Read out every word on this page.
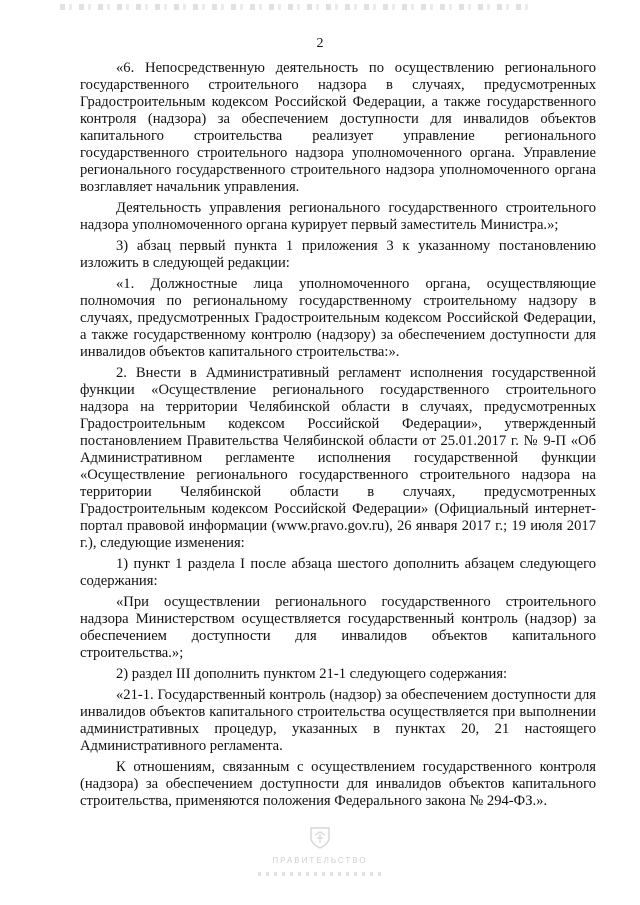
2

«6. Непосредственную деятельность по осуществлению регионального государственного строительного надзора в случаях, предусмотренных Градостроительным кодексом Российской Федерации, а также государственного контроля (надзора) за обеспечением доступности для инвалидов объектов капитального строительства реализует управление регионального государственного строительного надзора уполномоченного органа. Управление регионального государственного строительного надзора уполномоченного органа возглавляет начальник управления.

Деятельность управления регионального государственного строительного надзора уполномоченного органа курирует первый заместитель Министра.»;

3) абзац первый пункта 1 приложения 3 к указанному постановлению изложить в следующей редакции:

«1. Должностные лица уполномоченного органа, осуществляющие полномочия по региональному государственному строительному надзору в случаях, предусмотренных Градостроительным кодексом Российской Федерации, а также государственному контролю (надзору) за обеспечением доступности для инвалидов объектов капитального строительства:».

2. Внести в Административный регламент исполнения государственной функции «Осуществление регионального государственного строительного надзора на территории Челябинской области в случаях, предусмотренных Градостроительным кодексом Российской Федерации», утвержденный постановлением Правительства Челябинской области от 25.01.2017 г. № 9-П «Об Административном регламенте исполнения государственной функции «Осуществление регионального государственного строительного надзора на территории Челябинской области в случаях, предусмотренных Градостроительным кодексом Российской Федерации» (Официальный интернет-портал правовой информации (www.pravo.gov.ru), 26 января 2017 г.; 19 июля 2017 г.), следующие изменения:

1) пункт 1 раздела I после абзаца шестого дополнить абзацем следующего содержания:

«При осуществлении регионального государственного строительного надзора Министерством осуществляется государственный контроль (надзор) за обеспечением доступности для инвалидов объектов капитального строительства.»;

2) раздел III дополнить пунктом 21-1 следующего содержания:

«21-1. Государственный контроль (надзор) за обеспечением доступности для инвалидов объектов капитального строительства осуществляется при выполнении административных процедур, указанных в пунктах 20, 21 настоящего Административного регламента.

К отношениям, связанным с осуществлением государственного контроля (надзора) за обеспечением доступности для инвалидов объектов капитального строительства, применяются положения Федерального закона № 294-ФЗ.».

ПРАВИТЕЛЬСТВО
